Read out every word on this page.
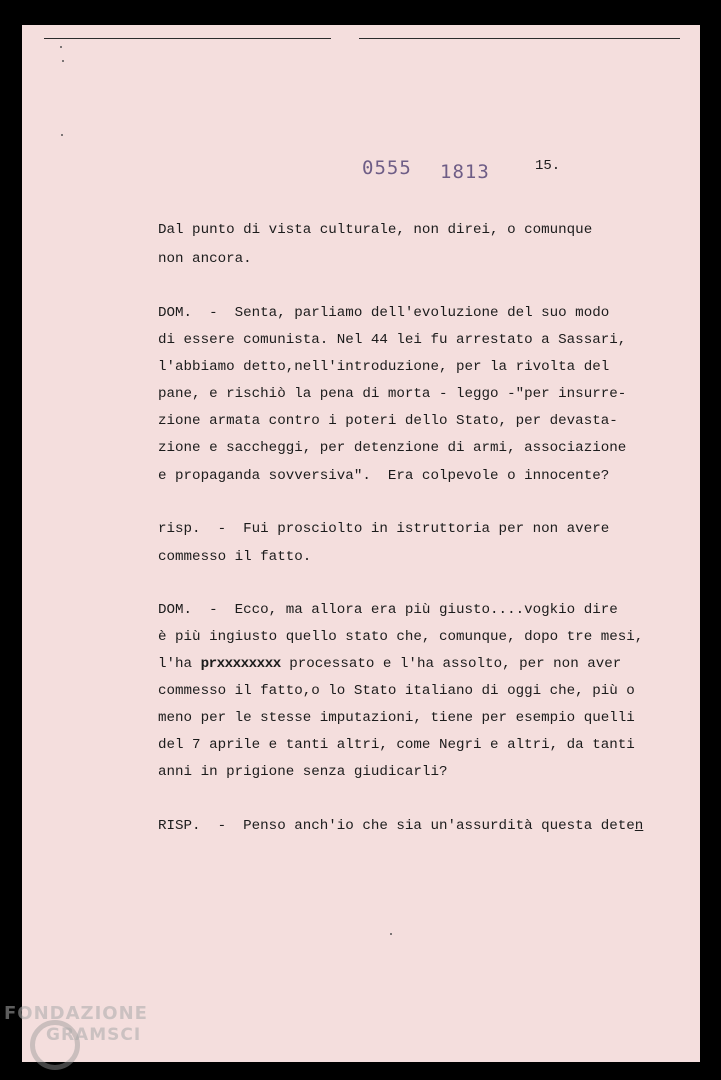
0555 1813	15.
Dal punto di vista culturale, non direi, o comunque
non ancora.
DOM.  -  Senta, parliamo dell'evoluzione del suo modo
di essere comunista. Nel 44 lei fu arrestato a Sassari,
l'abbiamo detto,nell'introduzione, per la rivolta del
pane, e rischiò la pena di morta - leggo -"per insurre-
zione armata contro i poteri dello Stato, per devasta-
zione e saccheggi, per detenzione di armi, associazione
e propaganda sovversiva".  Era colpevole o innocente?
risp.  -  Fui prosciolto in istruttoria per non avere
commesso il fatto.
DOM.  -  Ecco, ma allora era più giusto....vogkio dire
è più ingiusto quello stato che, comunque, dopo tre mesi,
l'ha prxxxxxxxx processato e l'ha assolto, per non aver
commesso il fatto,o lo Stato italiano di oggi che, più o
meno per le stesse imputazioni, tiene per esempio quelli
del 7 aprile e tanti altri, come Negri e altri, da tanti
anni in prigione senza giudicarli?
RISP.  -  Penso anch'io che sia un'assurdità questa deten
FONDAZIONE
GRAMSCI
